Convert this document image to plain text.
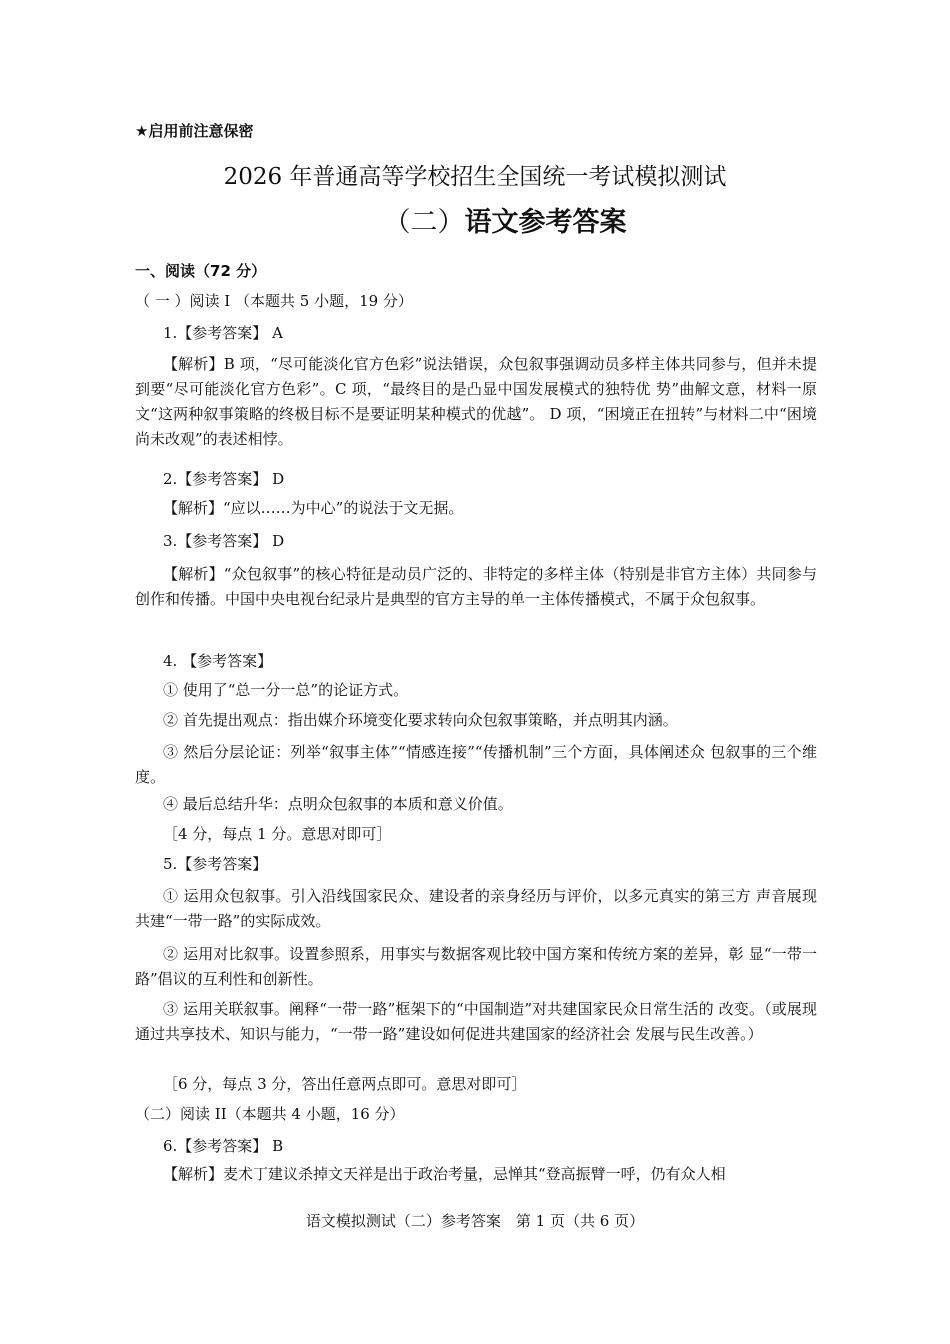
★启用前注意保密
2026 年普通高等学校招生全国统一考试模拟测试
（二）语文参考答案
一、阅读（72 分）
（ 一 ）阅读 I （本题共 5 小题，19 分）
1.【参考答案】 A
【解析】B 项，“尽可能淡化官方色彩”说法错误，众包叙事强调动员多样主体共同参与，但并未提到要“尽可能淡化官方色彩”。C 项，“最终目的是凸显中国发展模式的独特优 势”曲解文意，材料一原文“这两种叙事策略的终极目标不是要证明某种模式的优越”。 D 项，“困境正在扭转”与材料二中“困境尚未改观”的表述相悖。
2.【参考答案】 D
【解析】“应以……为中心”的说法于文无据。
3.【参考答案】 D
【解析】“众包叙事”的核心特征是动员广泛的、非特定的多样主体（特别是非官方主体）共同参与创作和传播。中国中央电视台纪录片是典型的官方主导的单一主体传播模式，不属于众包叙事。
4. 【参考答案】
① 使用了“总一分一总”的论证方式。
② 首先提出观点：指出媒介环境变化要求转向众包叙事策略，并点明其内涵。
③ 然后分层论证：列举“叙事主体”“情感连接”“传播机制”三个方面，具体阐述众 包叙事的三个维度。
④ 最后总结升华：点明众包叙事的本质和意义价值。
［4 分，每点 1 分。意思对即可］
5.【参考答案】
① 运用众包叙事。引入沿线国家民众、建设者的亲身经历与评价，以多元真实的第三方 声音展现共建“一带一路”的实际成效。
② 运用对比叙事。设置参照系，用事实与数据客观比较中国方案和传统方案的差异，彰 显“一带一路”倡议的互利性和创新性。
③ 运用关联叙事。阐释“一带一路”框架下的“中国制造”对共建国家民众日常生活的 改变。（或展现通过共享技术、知识与能力，“一带一路”建设如何促进共建国家的经济社会 发展与民生改善。）
［6 分，每点 3 分，答出任意两点即可。意思对即可］
（二）阅读 II（本题共 4 小题，16 分）
6.【参考答案】 B
【解析】麦术丁建议杀掉文天祥是出于政治考量，忌惮其“登高振臂一呼，仍有众人相
语文模拟测试（二）参考答案　第 1 页（共 6 页）
